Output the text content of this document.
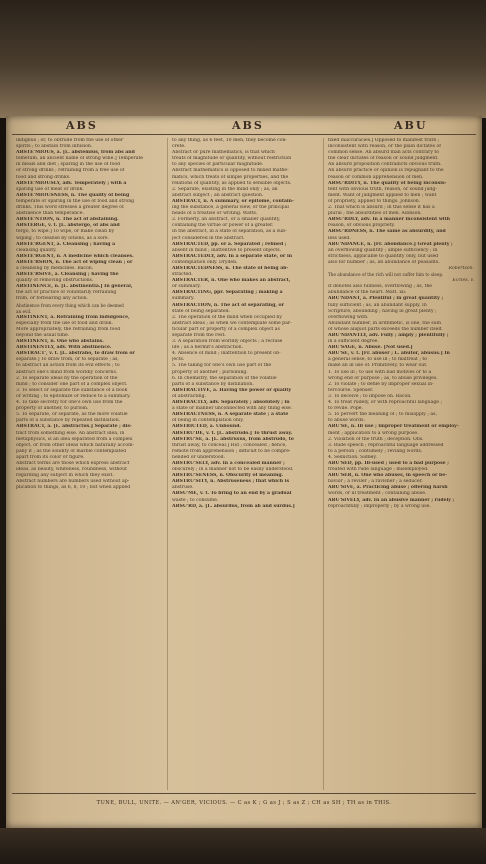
ABS	ABS	ABU
indignus ; or, to obtrude from the use of other
spirits ; to abstain from infusion.
ABSTE'MIOUS, a. [L. abstemius, from abs and
temetum, an ancient name of strong wine.] Temperate
in meals and diet ; sparing in the use of food
or strong drinks ; refraining from a free use of
food and strong drinks.
ABSTE'MIOUSLY, adv. Temperately ; with a
sparing use of meat or drink.
ABSTE'MIOUSNESS, n. The quality of being
temperate or sparing in the use of food and strong
drinks. This word stresses a greater degree of
abstinence than temperance.
ABSTE'NTION, n. The act of abstaining.
ABSTERGE, v. t. [L. abstergo, of abs and
tergo, to wipe.] To wipe, or make clean by
wiping ; to cleanse by lotions, as a sore.
ABSTE'RGENT, a. Cleansing ; having a
cleansing quality.
ABSTE'RGENT, n. A medicine which cleanses.
ABSTE'RSION, n. The act of wiping clean ; or
a cleansing by medicines. Bacon.
ABSTE'RSIVE, a. Cleansing ; having the
quality of removing obstructions.
ABSTINENCE, n. [L. abstinentia.] In general,
the act or practice of voluntarily refraining
from, or forbearing any action.
Abstinence from every thing which can be deemed
an evil.
ABSTINENT, a. Refraining from indulgence,
especially from the use of food and drink.
More appropriately, the refraining from food
beyond the usual time.
ABSTINENT, n. One who abstains.
ABSTINENTLY, adv. With abstinence.
ABSTRACT', v. t. [L. abstraho, to draw from or
separate.] To draw from, or to separate ; as,
to abstract an action from its evil effects ; to
abstract one's mind from worldly concerns.
2. To separate ideas by the operation of the
mind ; to consider one part of a complex object.
3. To select or separate the substance of a book
or writing ; to epitomize or reduce to a summary.
4. To take secretly for one's own use from the
property of another, to purloin.
5. To separate, or separate, as the more volatile
parts of a substance by repeated distillation.
ABSTRACT, a. [L. abstractus.] Separate ; dis-
tinct from something else. An abstract idea, in
metaphysics, is an idea separated from a complex
object, or from other ideas which naturally accom-
pany it ; as the solidity of marble contemplated
apart from its color or figure.
Abstract terms are those which express abstract
ideas, as beauty, whiteness, roundness, without
regarding any subject in which they exist.
Abstract numbers are numbers used without ap-
plication to things, as 6, 8, 10 ; but when applied
to any thing, as 6 feet, 10 men, they become con-
crete.
Abstract or pure mathematics, is that which
treats of magnitude or quantity, without restriction
to any species of particular magnitude.
Abstract mathematics is opposed to mixed mathe-
matics, which treats of simple properties, and the
relations of quantity, as applied to sensible objects.
2. Separate, existing in the mind only ; as, an
abstract subject ; an abstract question.
ABSTRACT, n. A summary, or epitome, contain-
ing the substance, a general view, or the principal
heads of a treatise or writing. Watts.
2. Formerly, an abstract, or a smaller quantity,
containing the virtue or power of a greater.
In the abstract, in a state of separation, as a sub-
ject considered in the abstract.
ABSTRACTED, pp. or a. Separated ; refined ;
absent in mind ; inattentive to present objects.
ABSTRACTEDLY, adv. In a separate state, or in
contemplation only. Dryden.
ABSTRACTEDNESS, n. The state of being ab-
stracted.
ABSTRACTER, n. One who makes an abstract,
or summary.
ABSTRACTING, ppr. Separating ; making a
summary.
ABSTRACTION, n. The act of separating, or
state of being separated.
2. The operation of the mind when occupied by
abstract ideas ; as when we contemplate some par-
ticular part or property of a complex object as
separate from the rest.
3. A separation from worldly objects ; a recluse
life ; as a hermit's abstraction.
4. Absence of mind ; inattention to present ob-
jects.
5. The taking for one's own use part of the
property of another ; purloining.
6. In chemistry, the separation of the volatile
parts of a substance by distillation.
ABSTRACTIVE, a. Having the power or quality
of abstracting.
ABSTRACTLY, adv. Separately ; absolutely ; in
a state or manner unconnected with any thing else.
ABSTRACTNESS, n. A separate state ; a state
of being in contemplation only.
ABSTRICTED, a. Unbound.
ABSTRU'DE, v. t. [L. abstrudo.] To thrust away.
ABSTRU'SE, a. [L. abstrusus, from abstrudo, to
thrust away, to conceal.] Hid ; concealed ; hence,
remote from apprehension ; difficult to be compre-
hended or understood.
ABSTRU'SELY, adv. In a concealed manner ;
obscurely ; in a manner not to be easily understood.
ABSTRU'SENESS, n. Obscurity of meaning.
ABSTRU'SITY, n. Abstruseness ; that which is
abstruse.
ABSU'ME, v. t. To bring to an end by a gradual
waste ; to consume.
ABSU'RD, a. [L. absurdus, from ab and surdus.]
fixed inaccuracies.] Opposed to manifest truth ;
inconsistent with reason, or the plain dictates of
common sense. An absurd man acts contrary to
the clear dictates of reason or sound judgment.
An absurd proposition contradicts obvious truth.
An absurd practice or opinion is repugnant to the
reason or common apprehension of men.
ABSU'RDITY, n. The quality of being inconsis-
tent with obvious truth, reason, or sound judg-
ment. Want of judgment applied to men ; want
of propriety, applied to things. Johnson.
2. That which is absurd ; in this sense it has a
plural ; the absurdities of men. Addison.
ABSU'RDLY, adv. In a manner inconsistent with
reason, or obvious propriety.
ABSU'RDNESS, n. The same as absurdity, and
less used.
ABU'NDANCE, n. [Fr. abondance.] Great plenty ;
an overflowing quantity ; ample sufficiency ; in
strictness, applicable to quantity only, but used
also for number ; as, an abundance of peasants.
Robertson.
The abundance of the rich will not suffer him to sleep.
Eccles. v.
It denotes also fullness, overflowing ; as, the
abundance of the heart. Matt. xii.
ABU'NDANT, a. Plentiful ; in great quantity ;
fully sufficient ; as, an abundant supply. In
Scripture, abounding ; having in great plenty ;
overflowing with.
Abundant number, in arithmetic, is one, the sum
of whose aliquot parts exceeds the number itself.
ABU'NDANTLY, adv. Fully ; amply ; plentifully ;
in a sufficient degree.
ABU'SAGE, n. Abuse. [Not used.]
ABU'SE, v. t. [Fr. abuser ; L. abutor, abusus.] In
a general sense, to use ill ; to maltreat ; to
make an ill use of. Primitively, to wear out.
1. To use ill ; to use with bad motives or to a
wrong end or purpose ; as, to abuse privileges.
2. To violate ; to defile by improper sexual in-
tercourse. Spenser.
3. To deceive ; to impose on. Bacon.
4. To treat rudely, or with reproachful language ;
to revile. Pope.
5. To pervert the meaning of ; to misapply ; as,
to abuse words.
ABU'SE, n. Ill use ; improper treatment or employ-
ment ; application to a wrong purpose.
2. Violation of the truth ; deception. Obs.
3. Rude speech ; reproachful language addressed
to a person ; contumely ; reviling words.
4. Seduction. Sidney.
ABU'SED, pp. Ill-used ; used to a bad purpose ;
treated with rude language ; misemployed.
ABU'SER, n. One who abuses, in speech or be-
havior ; a reviler ; a ravisher ; a seducer.
ABU'SIVE, a. Practicing abuse ; offering harsh
words, or ill treatment ; containing abuse.
ABU'SIVELY, adv. In an abusive manner ; rudely ;
reproachfully ; improperly ; by a wrong use.
TUNE, BULL, UNITE. — AN'GER, VICIOUS. — C as K ; G as J ; S as Z ; CH as SH ; TH as in THIS.
